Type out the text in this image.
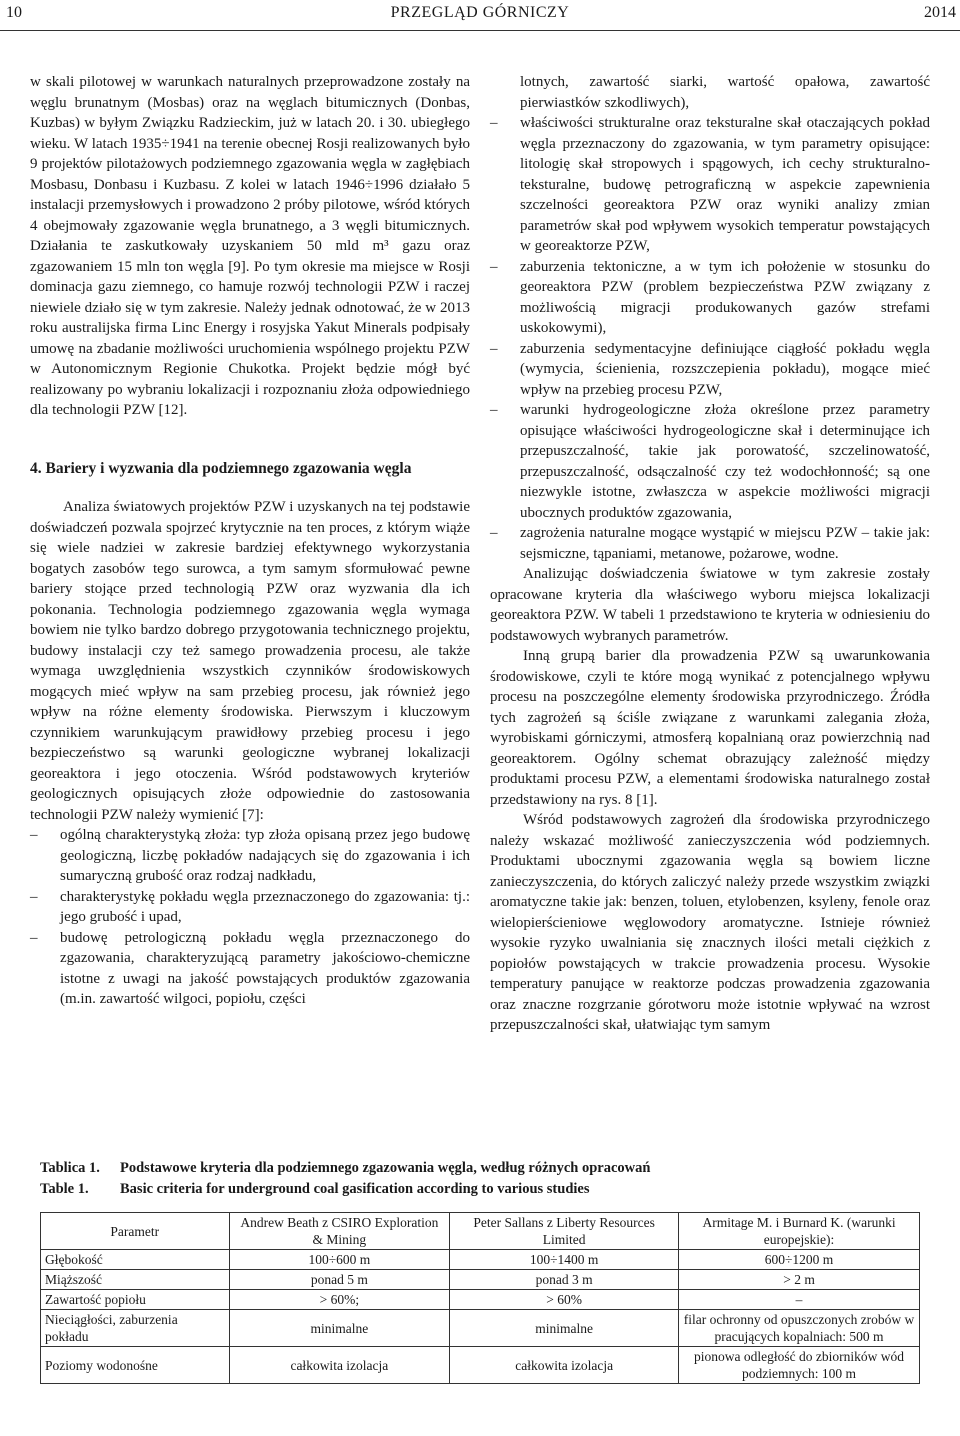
10	PRZEGLĄD GÓRNICZY	2014

w skali pilotowej w warunkach naturalnych przeprowadzone zostały na węglu brunatnym (Mosbas) oraz na węglach bitumicznych (Donbas, Kuzbas) w byłym Związku Radzieckim, już w latach 20. i 30. ubiegłego wieku. W latach 1935÷1941 na terenie obecnej Rosji realizowanych było 9 projektów pilotażowych podziemnego zgazowania węgla w zagłębiach Mosbasu, Donbasu i Kuzbasu. Z kolei w latach 1946÷1996 działało 5 instalacji przemysłowych i prowadzono 2 próby pilotowe, wśród których 4 obejmowały zgazowanie węgla brunatnego, a 3 węgli bitumicznych. Działania te zaskutkowały uzyskaniem 50 mld m³ gazu oraz zgazowaniem 15 mln ton węgla [9]. Po tym okresie ma miejsce w Rosji dominacja gazu ziemnego, co hamuje rozwój technologii PZW i raczej niewiele działo się w tym zakresie. Należy jednak odnotować, że w 2013 roku australijska firma Linc Energy i rosyjska Yakut Minerals podpisały umowę na zbadanie możliwości uruchomienia wspólnego projektu PZW w Autonomicznym Regionie Chukotka. Projekt będzie mógł być realizowany po wybraniu lokalizacji i rozpoznaniu złoża odpowiedniego dla technologii PZW [12].

4. Bariery i wyzwania dla podziemnego zgazowania węgla

Analiza światowych projektów PZW i uzyskanych na tej podstawie doświadczeń pozwala spojrzeć krytycznie na ten proces, z którym wiąże się wiele nadziei w zakresie bardziej efektywnego wykorzystania bogatych zasobów tego surowca, a tym samym sformułować pewne bariery stojące przed technologią PZW oraz wyzwania dla ich pokonania. Technologia podziemnego zgazowania węgla wymaga bowiem nie tylko bardzo dobrego przygotowania technicznego projektu, budowy instalacji czy też samego prowadzenia procesu, ale także wymaga uwzględnienia wszystkich czynników środowiskowych mogących mieć wpływ na sam przebieg procesu, jak również jego wpływ na różne elementy środowiska. Pierwszym i kluczowym czynnikiem warunkującym prawidłowy przebieg procesu i jego bezpieczeństwo są warunki geologiczne wybranej lokalizacji georeaktora i jego otoczenia. Wśród podstawowych kryteriów geologicznych opisujących złoże odpowiednie do zastosowania technologii PZW należy wymienić [7]:

– ogólną charakterystyką złoża: typ złoża opisaną przez jego budowę geologiczną, liczbę pokładów nadających się do zgazowania i ich sumaryczną grubość oraz rodzaj nadkładu,
– charakterystykę pokładu węgla przeznaczonego do zgazowania: tj.: jego grubość i upad,
– budowę petrologiczną pokładu węgla przeznaczonego do zgazowania, charakteryzującą parametry jakościowo-chemiczne istotne z uwagi na jakość powstających produktów zgazowania (m.in. zawartość wilgoci, popiołu, części

lotnych, zawartość siarki, wartość opałowa, zawartość pierwiastków szkodliwych),

– właściwości strukturalne oraz teksturalne skał otaczających pokład węgla przeznaczony do zgazowania, w tym parametry opisujące: litologię skał stropowych i spągowych, ich cechy strukturalno-teksturalne, budowę petrograficzną w aspekcie zapewnienia szczelności georeaktora PZW oraz wyniki analizy zmian parametrów skał pod wpływem wysokich temperatur powstających w georeaktorze PZW,
– zaburzenia tektoniczne, a w tym ich położenie w stosunku do georeaktora PZW (problem bezpieczeństwa PZW związany z możliwością migracji produkowanych gazów strefami uskokowymi),
– zaburzenia sedymentacyjne definiujące ciągłość pokładu węgla (wymycia, ścienienia, rozszczepienia pokładu), mogące mieć wpływ na przebieg procesu PZW,
– warunki hydrogeologiczne złoża określone przez parametry opisujące właściwości hydrogeologiczne skał i determinujące ich przepuszczalność, takie jak porowatość, szczelinowatość, przepuszczalność, odsączalność czy też wodochłonność; są one niezwykle istotne, zwłaszcza w aspekcie możliwości migracji ubocznych produktów zgazowania,
– zagrożenia naturalne mogące wystąpić w miejscu PZW – takie jak: sejsmiczne, tąpaniami, metanowe, pożarowe, wodne.

Analizując doświadczenia światowe w tym zakresie zostały opracowane kryteria dla właściwego wyboru miejsca lokalizacji georeaktora PZW. W tabeli 1 przedstawiono te kryteria w odniesieniu do podstawowych wybranych parametrów.

Inną grupą barier dla prowadzenia PZW są uwarunkowania środowiskowe, czyli te które mogą wynikać z potencjalnego wpływu procesu na poszczególne elementy środowiska przyrodniczego. Źródła tych zagrożeń są ściśle związane z warunkami zalegania złoża, wyrobiskami górniczymi, atmosferą kopalnianą oraz powierzchnią nad georeaktorem. Ogólny schemat obrazujący zależność między produktami procesu PZW, a elementami środowiska naturalnego został przedstawiony na rys. 8 [1].

Wśród podstawowych zagrożeń dla środowiska przyrodniczego należy wskazać możliwość zanieczyszczenia wód podziemnych. Produktami ubocznymi zgazowania węgla są bowiem liczne zanieczyszczenia, do których zaliczyć należy przede wszystkim związki aromatyczne takie jak: benzen, toluen, etylobenzen, ksyleny, fenole oraz wielopierścieniowe węglowodory aromatyczne. Istnieje również wysokie ryzyko uwalniania się znacznych ilości metali ciężkich z popiołów powstających w trakcie prowadzenia procesu. Wysokie temperatury panujące w reaktorze podczas prowadzenia zgazowania oraz znaczne rozgrzanie górotworu może istotnie wpływać na wzrost przepuszczalności skał, ułatwiając tym samym

Tablica 1. Podstawowe kryteria dla podziemnego zgazowania węgla, według różnych opracowań
Table 1. Basic criteria for underground coal gasification according to various studies
Parametr	Andrew Beath z CSIRO Exploration & Mining	Peter Sallans z Liberty Resources Limited	Armitage M. i Burnard K. (warunki europejskie):
Głębokość	100÷600 m	100÷1400 m	600÷1200 m
Miąższość	ponad 5 m	ponad 3 m	> 2 m
Zawartość popiołu	> 60%;	> 60%	–
Nieciągłości, zaburzenia pokładu	minimalne	minimalne	filar ochronny od opuszczonych zrobów w pracujących kopalniach: 500 m
Poziomy wodonośne	całkowita izolacja	całkowita izolacja	pionowa odległość do zbiorników wód podziemnych: 100 m
